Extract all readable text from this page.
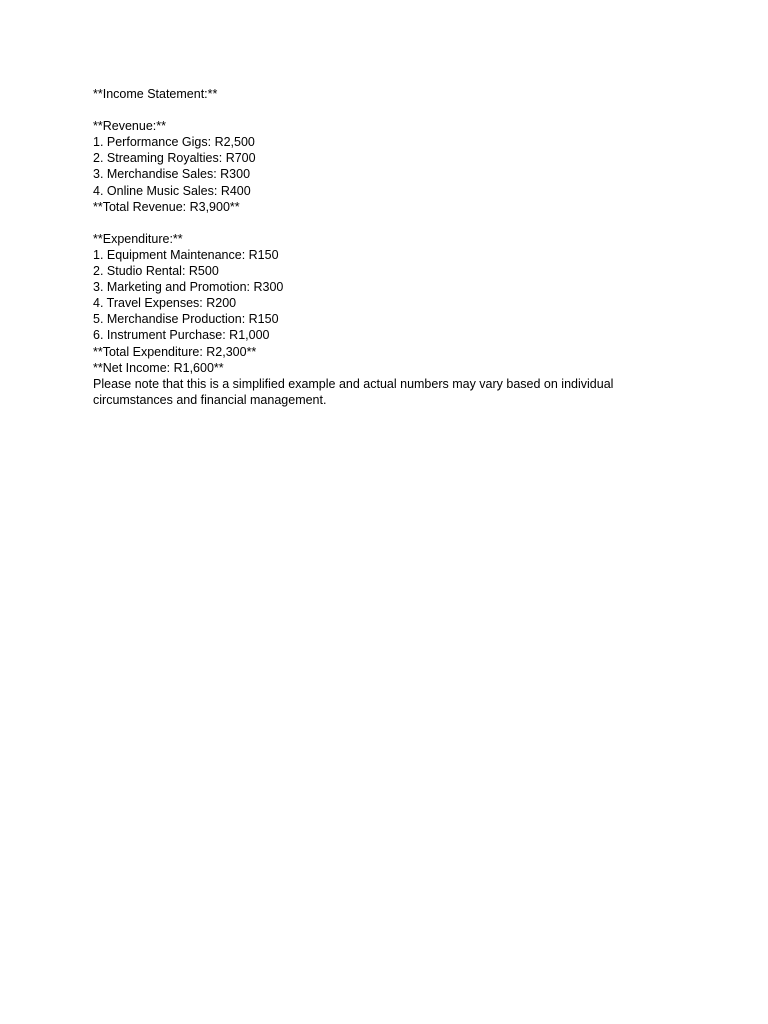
**Income Statement:**
**Revenue:**
1. Performance Gigs: R2,500
2. Streaming Royalties: R700
3. Merchandise Sales: R300
4. Online Music Sales: R400
**Total Revenue: R3,900**
**Expenditure:**
1. Equipment Maintenance: R150
2. Studio Rental: R500
3. Marketing and Promotion: R300
4. Travel Expenses: R200
5. Merchandise Production: R150
6. Instrument Purchase: R1,000
**Total Expenditure: R2,300**
**Net Income: R1,600**
Please note that this is a simplified example and actual numbers may vary based on individual circumstances and financial management.
